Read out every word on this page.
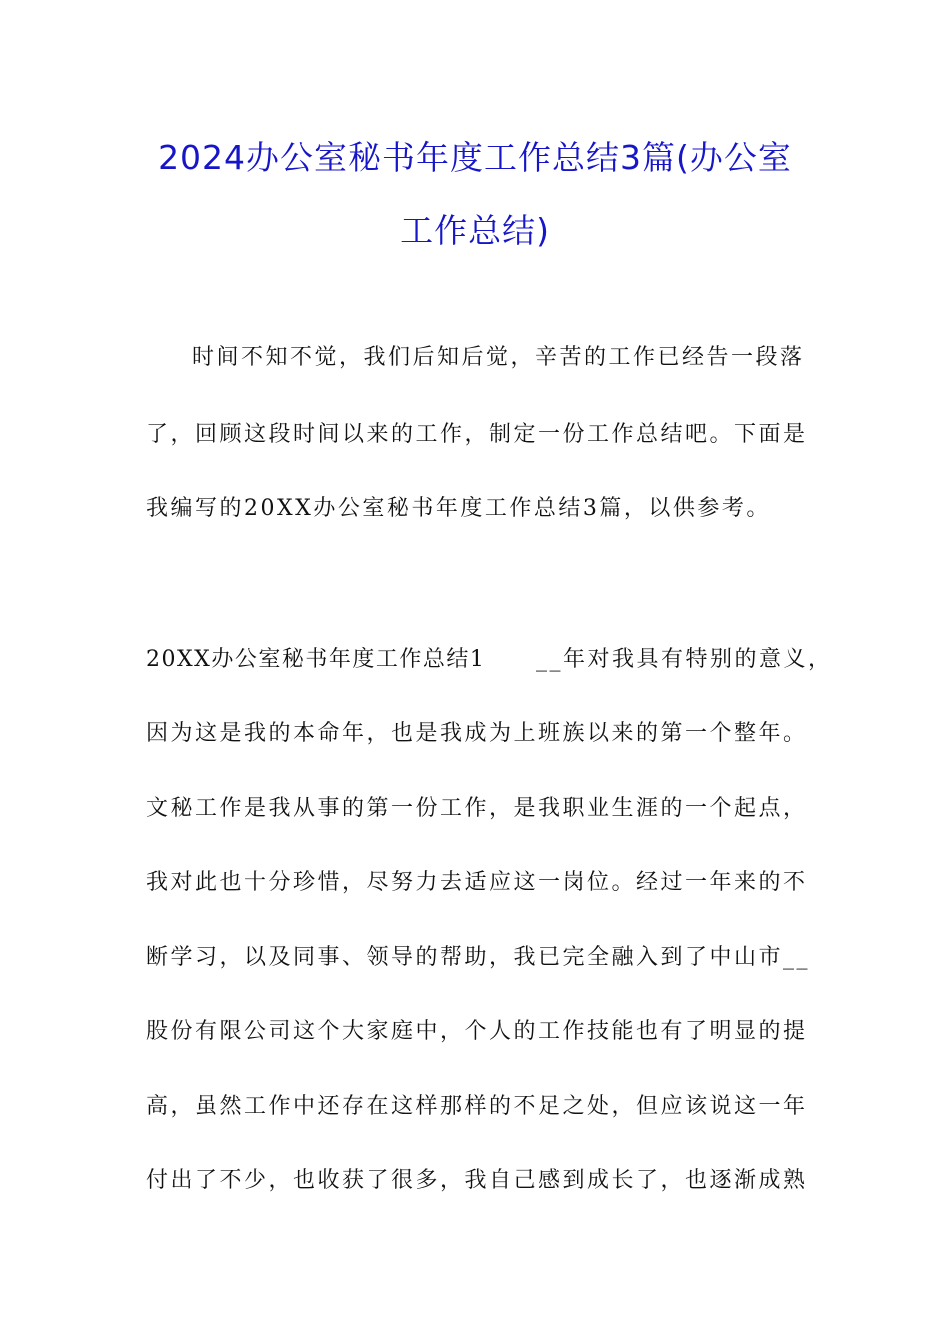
2024办公室秘书年度工作总结3篇(办公室
工作总结)
时间不知不觉，我们后知后觉，辛苦的工作已经告一段落
了，回顾这段时间以来的工作，制定一份工作总结吧。下面是
我编写的20XX办公室秘书年度工作总结3篇，以供参考。
20XX办公室秘书年度工作总结1 __年对我具有特别的意义，
因为这是我的本命年，也是我成为上班族以来的第一个整年。
文秘工作是我从事的第一份工作，是我职业生涯的一个起点，
我对此也十分珍惜，尽努力去适应这一岗位。经过一年来的不
断学习，以及同事、领导的帮助，我已完全融入到了中山市__
股份有限公司这个大家庭中，个人的工作技能也有了明显的提
高，虽然工作中还存在这样那样的不足之处，但应该说这一年
付出了不少，也收获了很多，我自己感到成长了，也逐渐成熟
